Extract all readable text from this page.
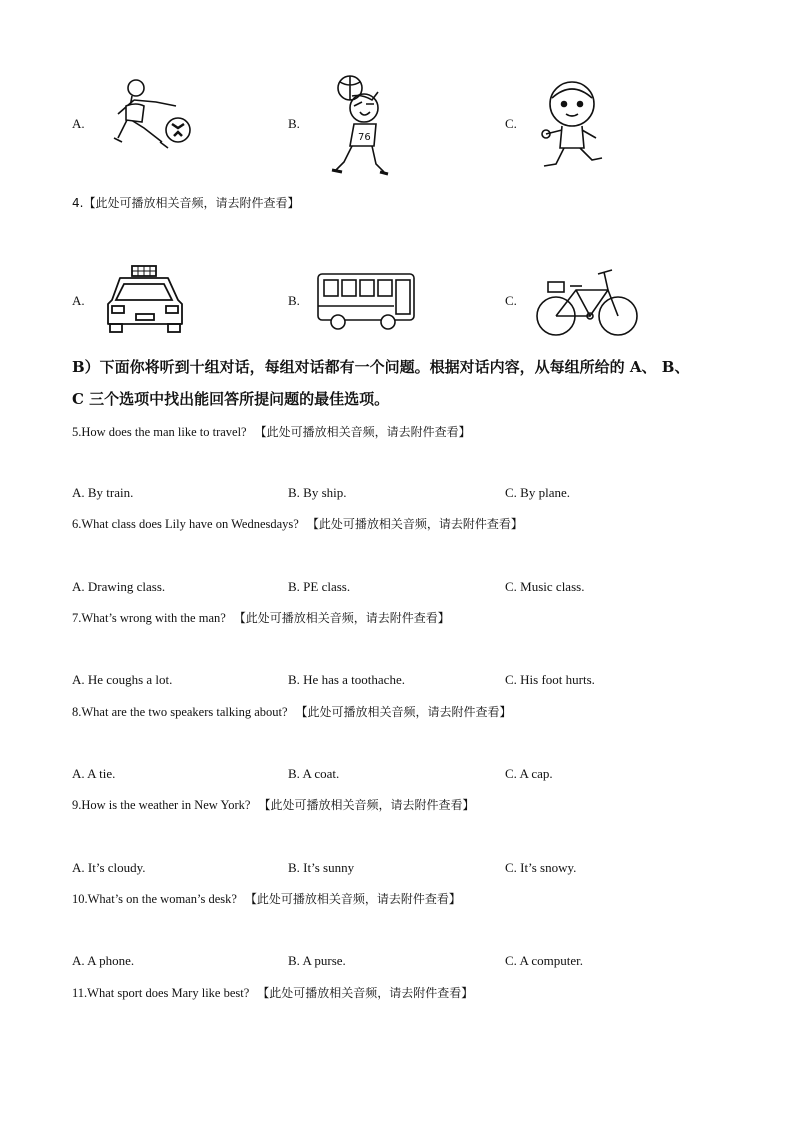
A.	B.
76
C.
4.【此处可播放相关音频，请去附件查看】
A.	B.	C.
B）下面你将听到十组对话，每组对话都有一个问题。根据对话内容，从每组所给的 A、 B、
C 三个选项中找出能回答所提问题的最佳选项。
5.How does the man like to travel? 【此处可播放相关音频，请去附件查看】
A. By train.	B. By ship.	C. By plane.
6.What class does Lily have on Wednesdays? 【此处可播放相关音频，请去附件查看】
A. Drawing class.	B. PE class.	C. Music class.
7.What’s wrong with the man? 【此处可播放相关音频，请去附件查看】
A. He coughs a lot.	B. He has a toothache.	C. His foot hurts.
8.What are the two speakers talking about? 【此处可播放相关音频，请去附件查看】
A. A tie.	B. A coat.	C. A cap.
9.How is the weather in New York? 【此处可播放相关音频，请去附件查看】
A. It’s cloudy.	B. It’s sunny	C. It’s snowy.
10.What’s on the woman’s desk? 【此处可播放相关音频，请去附件查看】
A. A phone.	B. A purse.	C. A computer.
11.What sport does Mary like best? 【此处可播放相关音频，请去附件查看】
